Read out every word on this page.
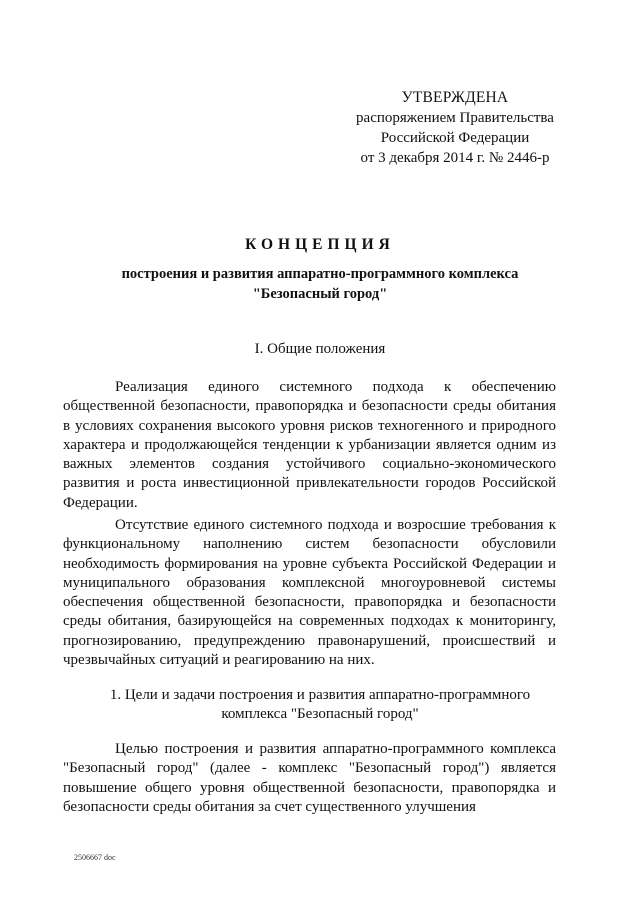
УТВЕРЖДЕНА
распоряжением Правительства
Российской Федерации
от 3 декабря 2014 г. № 2446-р
КОНЦЕПЦИЯ
построения и развития аппаратно-программного комплекса
"Безопасный город"
I. Общие положения

Реализация единого системного подхода к обеспечению общественной безопасности, правопорядка и безопасности среды обитания в условиях сохранения высокого уровня рисков техногенного и природного характера и продолжающейся тенденции к урбанизации является одним из важных элементов создания устойчивого социально-экономического развития и роста инвестиционной привлекательности городов Российской Федерации.

Отсутствие единого системного подхода и возросшие требования к функциональному наполнению систем безопасности обусловили необходимость формирования на уровне субъекта Российской Федерации и муниципального образования комплексной многоуровневой системы обеспечения общественной безопасности, правопорядка и безопасности среды обитания, базирующейся на современных подходах к мониторингу, прогнозированию, предупреждению правонарушений, происшествий и чрезвычайных ситуаций и реагированию на них.

1. Цели и задачи построения и развития аппаратно-программного
комплекса "Безопасный город"

Целью построения и развития аппаратно-программного комплекса "Безопасный город" (далее - комплекс "Безопасный город") является повышение общего уровня общественной безопасности, правопорядка и безопасности среды обитания за счет существенного улучшения

2506667 doc
